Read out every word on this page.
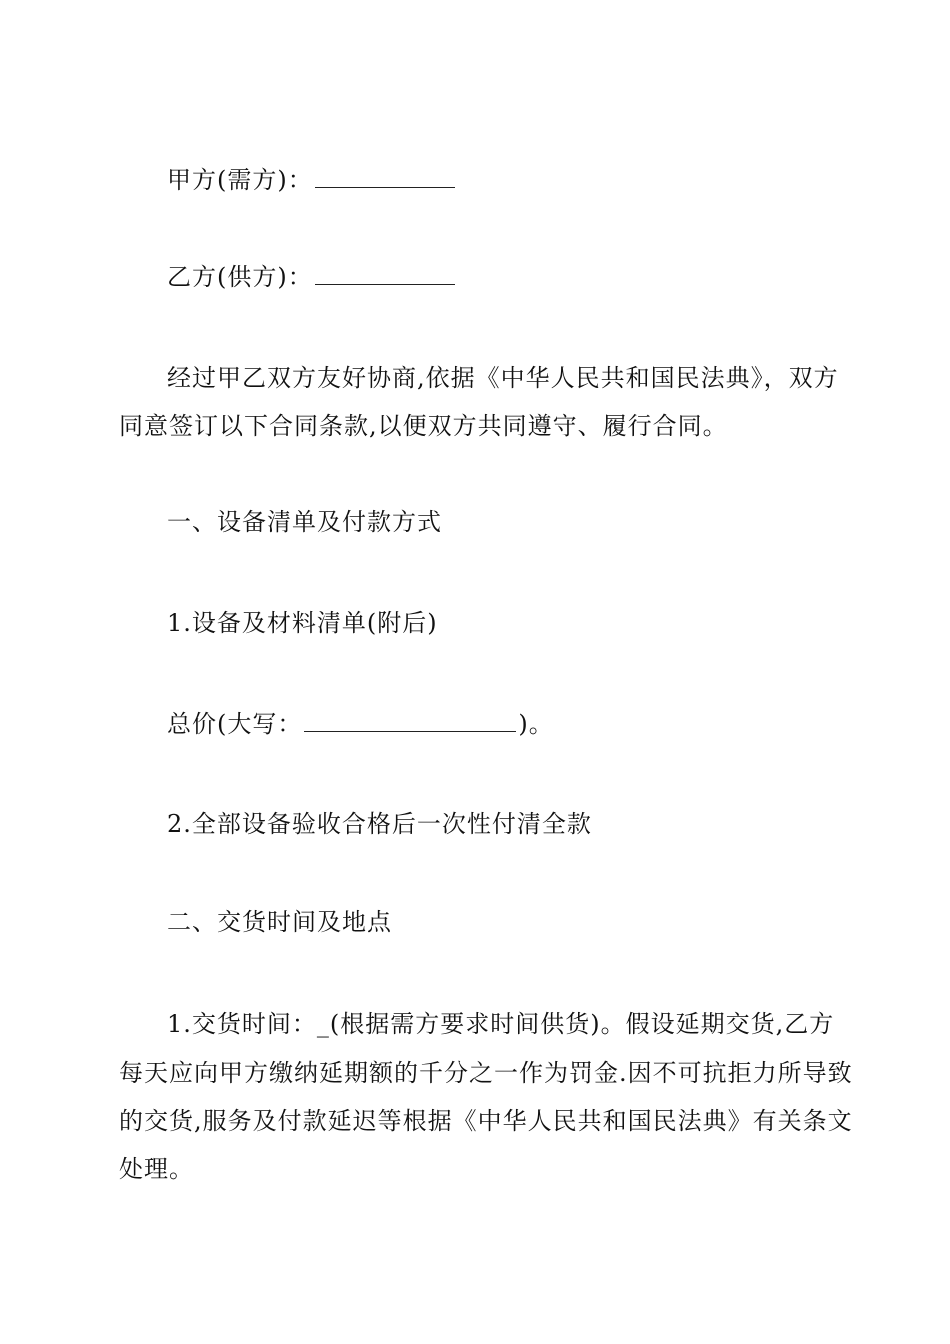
甲方(需方)：
乙方(供方)：
经过甲乙双方友好协商,依据《中华人民共和国民法典》，双方
同意签订以下合同条款,以便双方共同遵守、履行合同。
一、设备清单及付款方式
1.设备及材料清单(附后)
总价(大写：	)。
2.全部设备验收合格后一次性付清全款
二、交货时间及地点
1.交货时间：_(根据需方要求时间供货)。假设延期交货,乙方
每天应向甲方缴纳延期额的千分之一作为罚金.因不可抗拒力所导致
的交货,服务及付款延迟等根据《中华人民共和国民法典》有关条文
处理。
